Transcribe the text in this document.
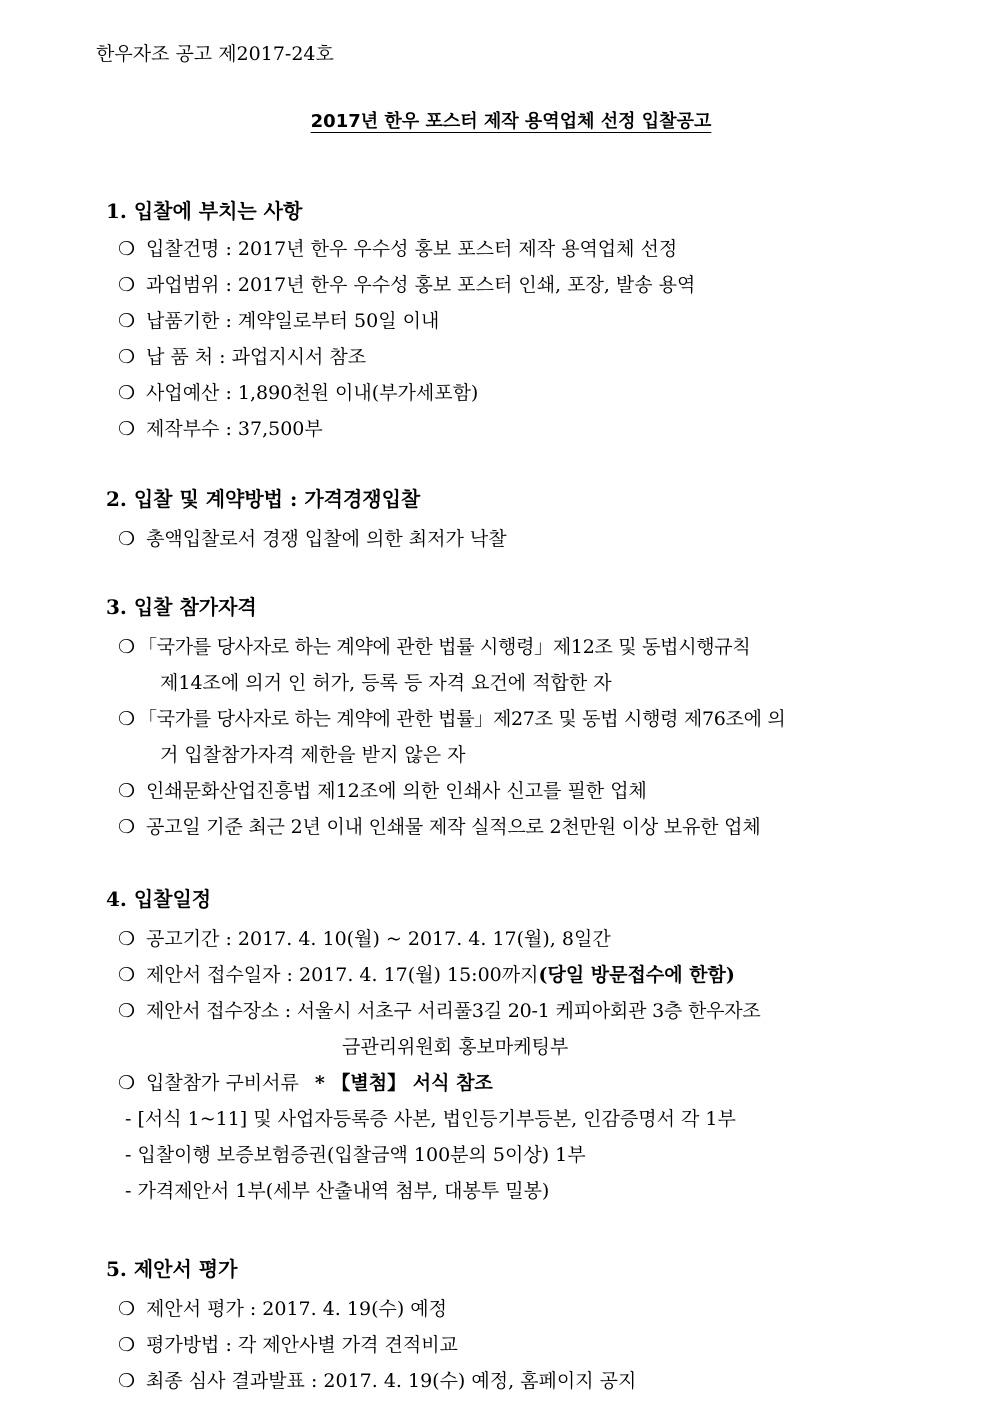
한우자조 공고 제2017-24호
2017년 한우 포스터 제작 용역업체 선정 입찰공고
1. 입찰에 부치는 사항
❍ 입찰건명 : 2017년 한우 우수성 홍보 포스터 제작 용역업체 선정
❍ 과업범위 : 2017년 한우 우수성 홍보 포스터 인쇄, 포장, 발송 용역
❍ 납품기한 : 계약일로부터 50일 이내
❍ 납 품 처 : 과업지시서 참조
❍ 사업예산 : 1,890천원 이내(부가세포함)
❍ 제작부수 : 37,500부
2. 입찰 및 계약방법 : 가격경쟁입찰
❍ 총액입찰로서 경쟁 입찰에 의한 최저가 낙찰
3. 입찰 참가자격
❍ 「국가를 당사자로 하는 계약에 관한 법률 시행령」제12조 및 동법시행규칙
제14조에 의거 인 허가, 등록 등 자격 요건에 적합한 자
❍ 「국가를 당사자로 하는 계약에 관한 법률」제27조 및 동법 시행령 제76조에 의
거 입찰참가자격 제한을 받지 않은 자
❍ 인쇄문화산업진흥법 제12조에 의한 인쇄사 신고를 필한 업체
❍ 공고일 기준 최근 2년 이내 인쇄물 제작 실적으로 2천만원 이상 보유한 업체
4. 입찰일정
❍ 공고기간 : 2017. 4. 10(월) ~ 2017. 4. 17(월), 8일간
❍ 제안서 접수일자 : 2017. 4. 17(월) 15:00까지(당일 방문접수에 한함)
❍ 제안서 접수장소 : 서울시 서초구 서리풀3길 20-1 케피아회관 3층 한우자조
금관리위원회 홍보마케팅부
❍ 입찰참가 구비서류 * 【별첨】 서식 참조
- [서식 1~11] 및 사업자등록증 사본, 법인등기부등본, 인감증명서 각 1부
- 입찰이행 보증보험증권(입찰금액 100분의 5이상) 1부
- 가격제안서 1부(세부 산출내역 첨부, 대봉투 밀봉)
5. 제안서 평가
❍ 제안서 평가 : 2017. 4. 19(수) 예정
❍ 평가방법 : 각 제안사별 가격 견적비교
❍ 최종 심사 결과발표 : 2017. 4. 19(수) 예정, 홈페이지 공지
